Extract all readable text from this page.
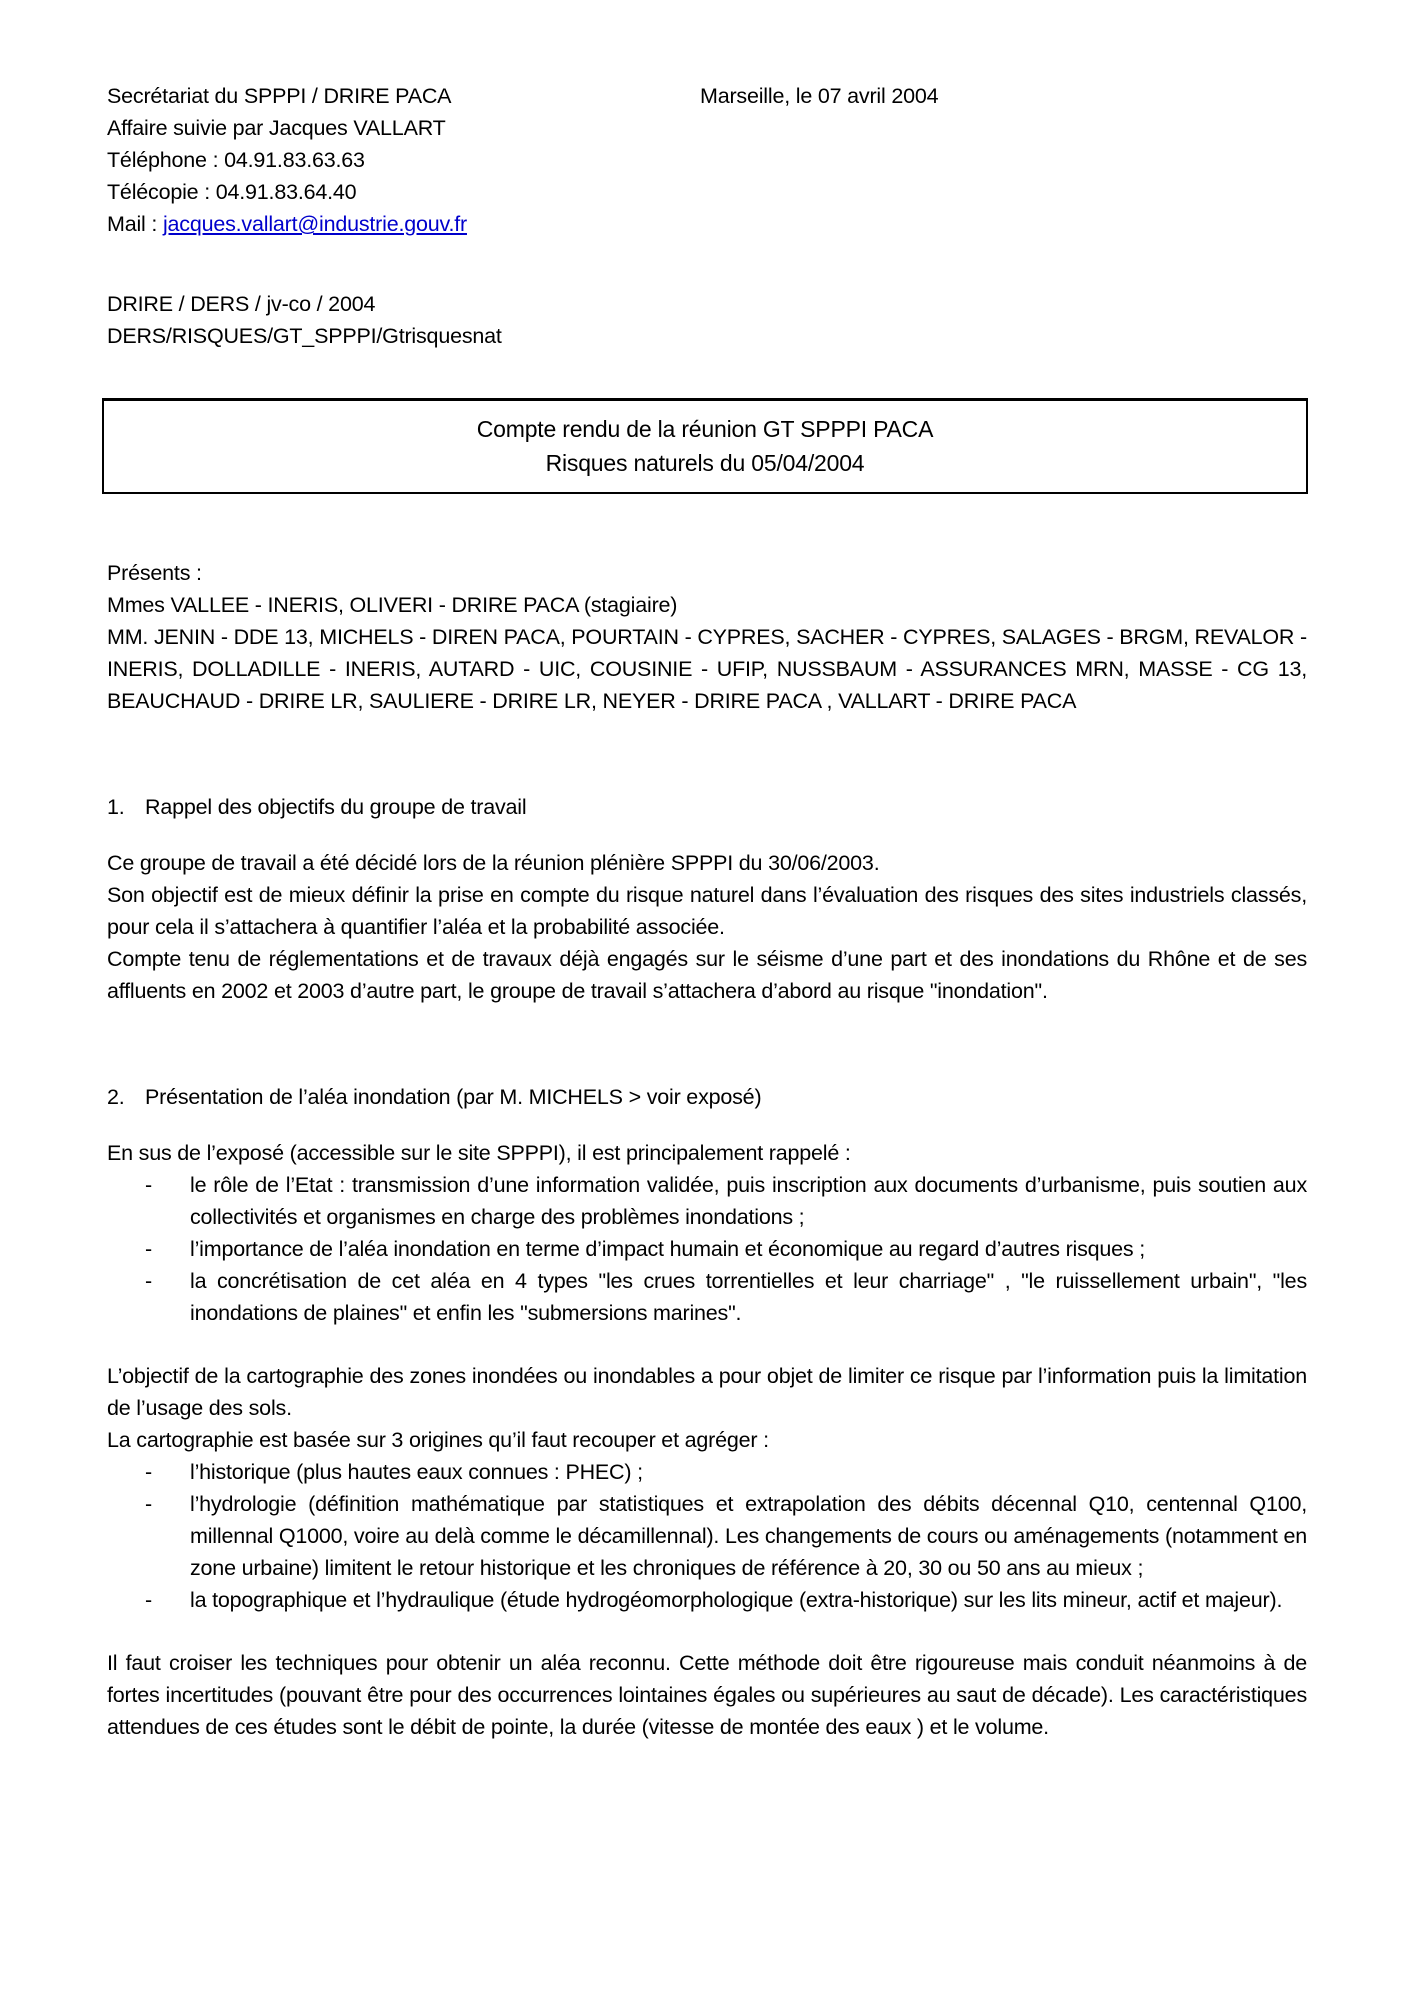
Secrétariat du SPPPI / DRIRE PACA	Marseille, le 07 avril 2004
Affaire suivie par Jacques VALLART
Téléphone : 04.91.83.63.63
Télécopie : 04.91.83.64.40
Mail : jacques.vallart@industrie.gouv.fr
DRIRE / DERS / jv-co / 2004
DERS/RISQUES/GT_SPPPI/Gtrisquesnat
Compte rendu de la réunion GT SPPPI PACA
Risques naturels du 05/04/2004
Présents :
Mmes VALLEE - INERIS, OLIVERI - DRIRE PACA (stagiaire)

MM. JENIN - DDE 13, MICHELS - DIREN PACA, POURTAIN - CYPRES, SACHER - CYPRES, SALAGES - BRGM, REVALOR - INERIS, DOLLADILLE - INERIS, AUTARD - UIC, COUSINIE - UFIP, NUSSBAUM - ASSURANCES MRN, MASSE - CG 13, BEAUCHAUD - DRIRE LR, SAULIERE - DRIRE LR, NEYER - DRIRE PACA , VALLART - DRIRE PACA

1. Rappel des objectifs du groupe de travail

Ce groupe de travail a été décidé lors de la réunion plénière SPPPI du 30/06/2003.

Son objectif est de mieux définir la prise en compte du risque naturel dans l’évaluation des risques des sites industriels classés, pour cela il s’attachera à quantifier l’aléa et la probabilité associée.

Compte tenu de réglementations et de travaux déjà engagés sur le séisme d’une part et des inondations du Rhône et de ses affluents en 2002 et 2003 d’autre part, le groupe de travail s’attachera d’abord au risque "inondation".

2. Présentation de l’aléa inondation (par M. MICHELS > voir exposé)

En sus de l’exposé (accessible sur le site SPPPI), il est principalement rappelé :

-	le rôle de l’Etat : transmission d’une information validée, puis inscription aux documents d’urbanisme, puis soutien aux collectivités et organismes en charge des problèmes inondations ;
-	l’importance de l’aléa inondation en terme d’impact humain et économique au regard d’autres risques ;
-	la concrétisation de cet aléa en 4 types "les crues torrentielles et leur charriage" , "le ruissellement urbain", "les inondations de plaines" et enfin les "submersions marines".

L’objectif de la cartographie des zones inondées ou inondables a pour objet de limiter ce risque par l’information puis la limitation de l’usage des sols.

La cartographie est basée sur 3 origines qu’il faut recouper et agréger :

-	l’historique (plus hautes eaux connues : PHEC) ;
-	l’hydrologie (définition mathématique par statistiques et extrapolation des débits décennal Q10, centennal Q100, millennal Q1000, voire au delà comme le décamillennal). Les changements de cours ou aménagements (notamment en zone urbaine) limitent le retour historique et les chroniques de référence à 20, 30 ou 50 ans au mieux ;
-	la topographique et l’hydraulique (étude hydrogéomorphologique (extra-historique) sur les lits mineur, actif et majeur).

Il faut croiser les techniques pour obtenir un aléa reconnu. Cette méthode doit être rigoureuse mais conduit néanmoins à de fortes incertitudes (pouvant être pour des occurrences lointaines égales ou supérieures au saut de décade). Les caractéristiques attendues de ces études sont le débit de pointe, la durée (vitesse de montée des eaux ) et le volume.
